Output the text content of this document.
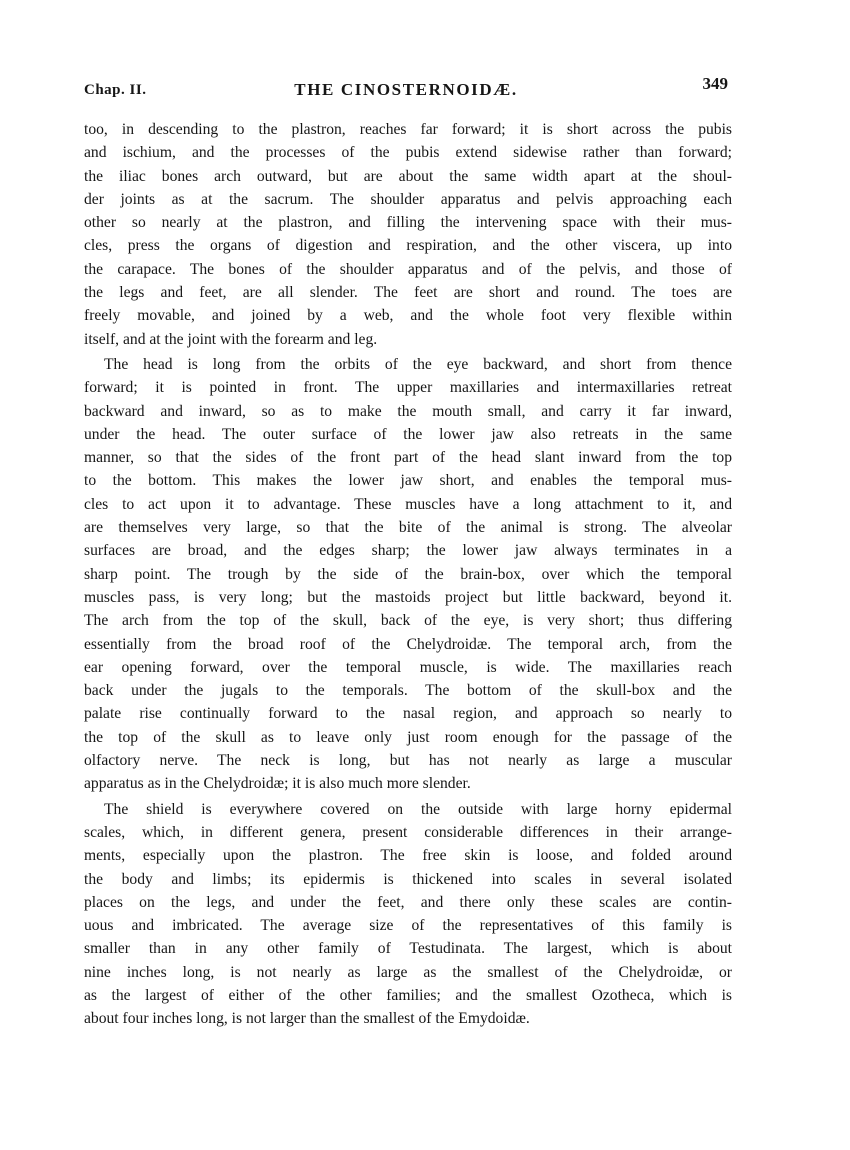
Chap. II.	THE CINOSTERNOIDÆ.	349

too, in descending to the plastron, reaches far forward; it is short across the pubis
and ischium, and the processes of the pubis extend sidewise rather than forward;
the iliac bones arch outward, but are about the same width apart at the shoul-
der joints as at the sacrum. The shoulder apparatus and pelvis approaching each
other so nearly at the plastron, and filling the intervening space with their mus-
cles, press the organs of digestion and respiration, and the other viscera, up into
the carapace. The bones of the shoulder apparatus and of the pelvis, and those of
the legs and feet, are all slender. The feet are short and round. The toes are
freely movable, and joined by a web, and the whole foot very flexible within
itself, and at the joint with the forearm and leg.

The head is long from the orbits of the eye backward, and short from thence
forward; it is pointed in front. The upper maxillaries and intermaxillaries retreat
backward and inward, so as to make the mouth small, and carry it far inward,
under the head. The outer surface of the lower jaw also retreats in the same
manner, so that the sides of the front part of the head slant inward from the top
to the bottom. This makes the lower jaw short, and enables the temporal mus-
cles to act upon it to advantage. These muscles have a long attachment to it, and
are themselves very large, so that the bite of the animal is strong. The alveolar
surfaces are broad, and the edges sharp; the lower jaw always terminates in a
sharp point. The trough by the side of the brain-box, over which the temporal
muscles pass, is very long; but the mastoids project but little backward, beyond it.
The arch from the top of the skull, back of the eye, is very short; thus differing
essentially from the broad roof of the Chelydroidæ. The temporal arch, from the
ear opening forward, over the temporal muscle, is wide. The maxillaries reach
back under the jugals to the temporals. The bottom of the skull-box and the
palate rise continually forward to the nasal region, and approach so nearly to
the top of the skull as to leave only just room enough for the passage of the
olfactory nerve. The neck is long, but has not nearly as large a muscular
apparatus as in the Chelydroidæ; it is also much more slender.

The shield is everywhere covered on the outside with large horny epidermal
scales, which, in different genera, present considerable differences in their arrange-
ments, especially upon the plastron. The free skin is loose, and folded around
the body and limbs; its epidermis is thickened into scales in several isolated
places on the legs, and under the feet, and there only these scales are contin-
uous and imbricated. The average size of the representatives of this family is
smaller than in any other family of Testudinata. The largest, which is about
nine inches long, is not nearly as large as the smallest of the Chelydroidæ, or
as the largest of either of the other families; and the smallest Ozotheca, which is
about four inches long, is not larger than the smallest of the Emydoidæ.
